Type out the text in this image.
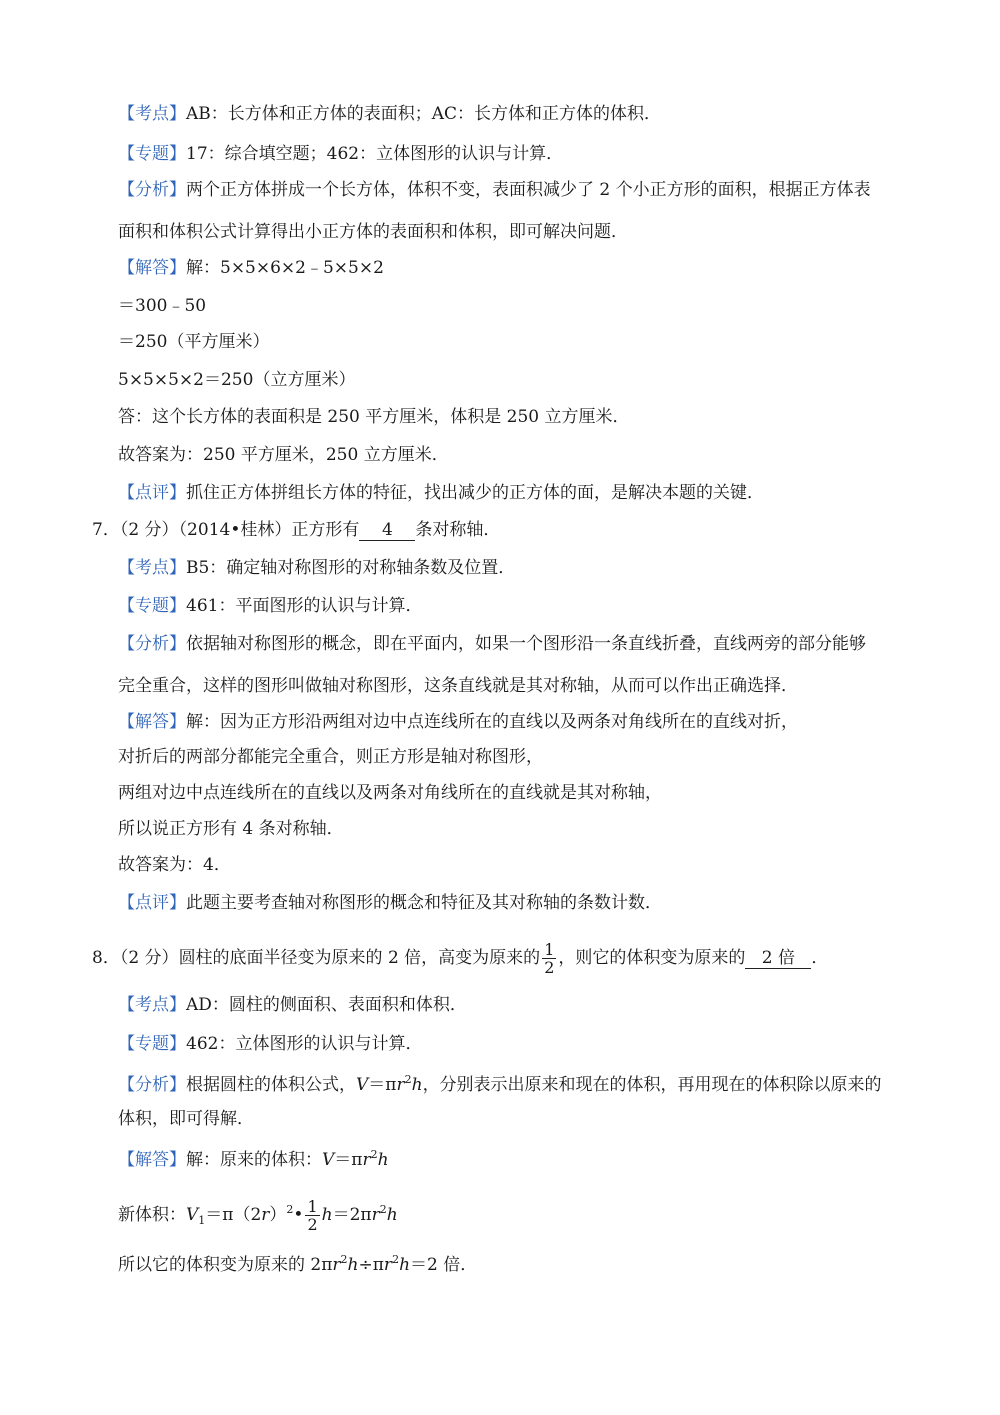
【考点】AB：长方体和正方体的表面积；AC：长方体和正方体的体积．
【专题】17：综合填空题；462：立体图形的认识与计算．
【分析】两个正方体拼成一个长方体，体积不变，表面积减少了 2 个小正方形的面积，根据正方体表
面积和体积公式计算得出小正方体的表面积和体积，即可解决问题．
【解答】解：5×5×6×2﹣5×5×2
＝300﹣50
＝250（平方厘米）
5×5×5×2＝250（立方厘米）
答：这个长方体的表面积是 250 平方厘米，体积是 250 立方厘米．
故答案为：250 平方厘米，250 立方厘米．
【点评】抓住正方体拼组长方体的特征，找出减少的正方体的面，是解决本题的关键．
7．（2 分）（2014•桂林）正方形有 4 条对称轴．
【考点】B5：确定轴对称图形的对称轴条数及位置．
【专题】461：平面图形的认识与计算．
【分析】依据轴对称图形的概念，即在平面内，如果一个图形沿一条直线折叠，直线两旁的部分能够
完全重合，这样的图形叫做轴对称图形，这条直线就是其对称轴，从而可以作出正确选择．
【解答】解：因为正方形沿两组对边中点连线所在的直线以及两条对角线所在的直线对折，
对折后的两部分都能完全重合，则正方形是轴对称图形，
两组对边中点连线所在的直线以及两条对角线所在的直线就是其对称轴，
所以说正方形有 4 条对称轴．
故答案为：4．
【点评】此题主要考查轴对称图形的概念和特征及其对称轴的条数计数．
8．（2 分）圆柱的底面半径变为原来的 2 倍，高变为原来的 $\frac{1}{2}$ ，则它的体积变为原来的 2 倍 ．
【考点】AD：圆柱的侧面积、表面积和体积．
【专题】462：立体图形的认识与计算．
【分析】根据圆柱的体积公式，$V=\pi r^2h$，分别表示出原来和现在的体积，再用现在的体积除以原来的
体积，即可得解．
【解答】解：原来的体积：$V=\pi r^2h$
新体积：$V_1=\pi(2r)^2• \frac{1}{2} h=2\pi r^2h$
所以它的体积变为原来的 $2\pi r^2h\div\pi r^2h=2$ 倍．
